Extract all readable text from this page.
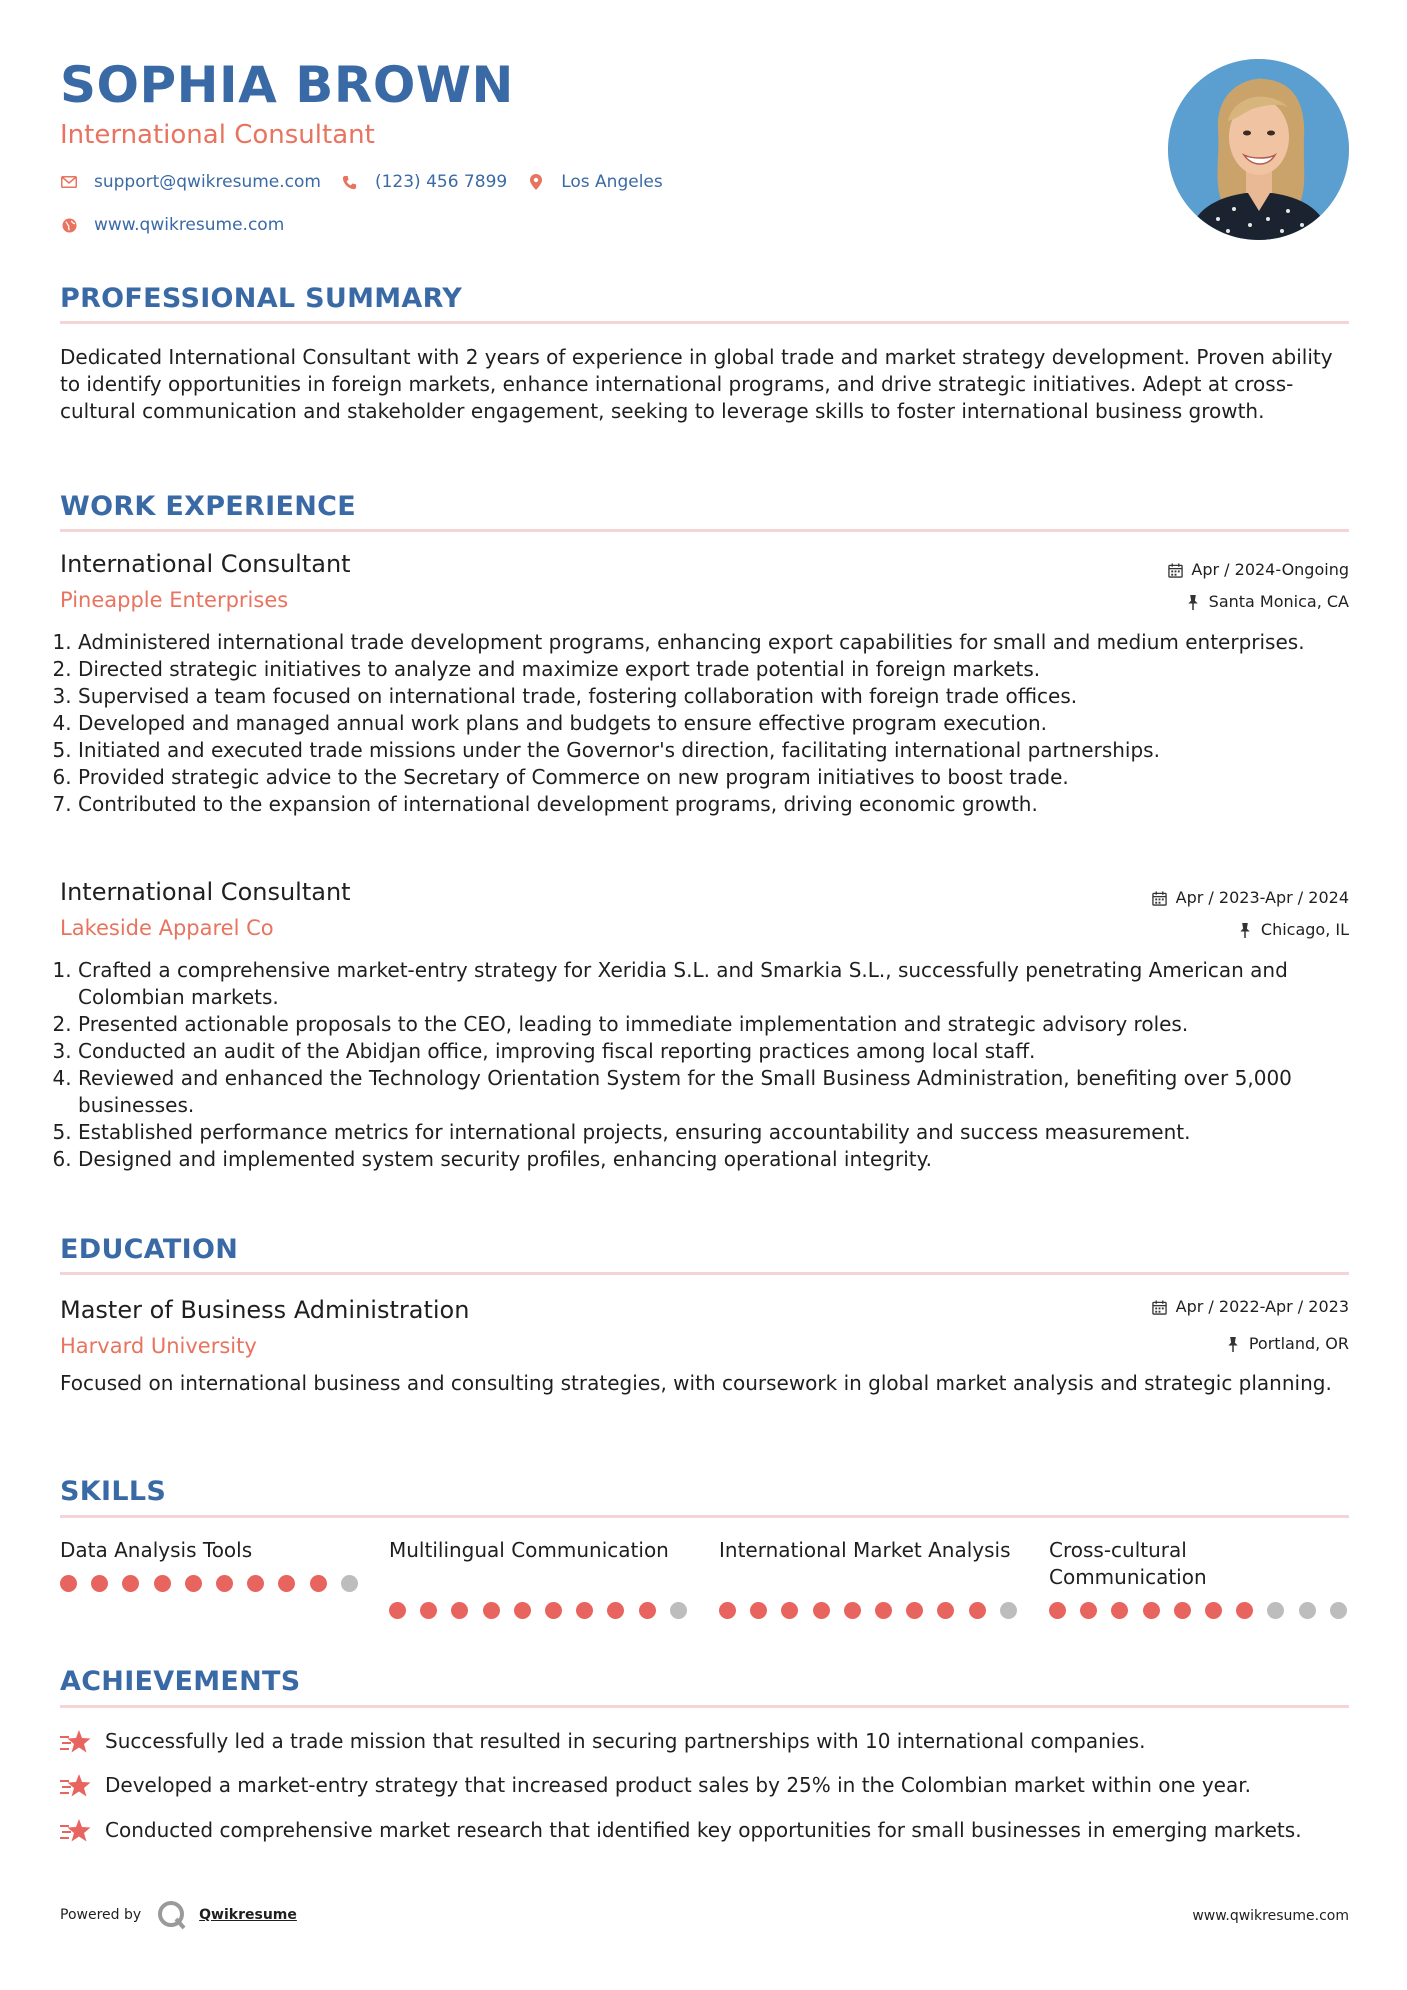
SOPHIA BROWN
International Consultant
support@qwikresume.com	(123) 456 7899	Los Angeles
www.qwikresume.com
PROFESSIONAL SUMMARY

Dedicated International Consultant with 2 years of experience in global trade and market strategy development. Proven ability to identify opportunities in foreign markets, enhance international programs, and drive strategic initiatives. Adept at cross-cultural communication and stakeholder engagement, seeking to leverage skills to foster international business growth.

WORK EXPERIENCE
International Consultant	Apr / 2024-Ongoing
Pineapple Enterprises	Santa Monica, CA
1. Administered international trade development programs, enhancing export capabilities for small and medium enterprises.
2. Directed strategic initiatives to analyze and maximize export trade potential in foreign markets.
3. Supervised a team focused on international trade, fostering collaboration with foreign trade offices.
4. Developed and managed annual work plans and budgets to ensure effective program execution.
5. Initiated and executed trade missions under the Governor's direction, facilitating international partnerships.
6. Provided strategic advice to the Secretary of Commerce on new program initiatives to boost trade.
7. Contributed to the expansion of international development programs, driving economic growth.
International Consultant	Apr / 2023-Apr / 2024
Lakeside Apparel Co	Chicago, IL
1. Crafted a comprehensive market-entry strategy for Xeridia S.L. and Smarkia S.L., successfully penetrating American and Colombian markets.
2. Presented actionable proposals to the CEO, leading to immediate implementation and strategic advisory roles.
3. Conducted an audit of the Abidjan office, improving fiscal reporting practices among local staff.
4. Reviewed and enhanced the Technology Orientation System for the Small Business Administration, benefiting over 5,000 businesses.
5. Established performance metrics for international projects, ensuring accountability and success measurement.
6. Designed and implemented system security profiles, enhancing operational integrity.
EDUCATION
Master of Business Administration	Apr / 2022-Apr / 2023
Harvard University	Portland, OR

Focused on international business and consulting strategies, with coursework in global market analysis and strategic planning.

SKILLS

Data Analysis Tools	Multilingual Communication	International Market Analysis	Cross-cultural Communication

ACHIEVEMENTS
Successfully led a trade mission that resulted in securing partnerships with 10 international companies.
Developed a market-entry strategy that increased product sales by 25% in the Colombian market within one year.
Conducted comprehensive market research that identified key opportunities for small businesses in emerging markets.
Powered by	Qwikresume	www.qwikresume.com
